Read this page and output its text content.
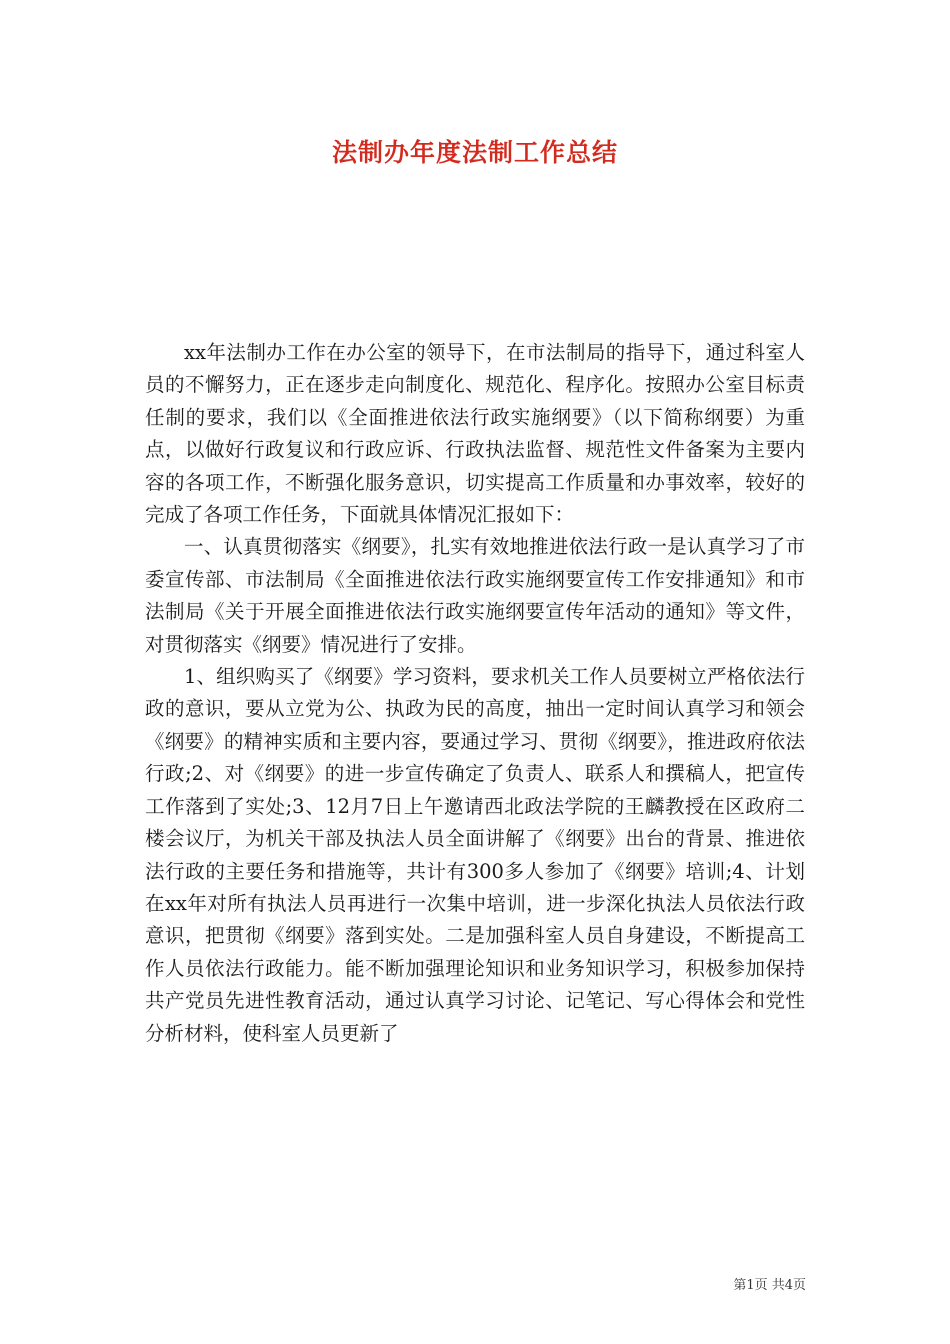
法制办年度法制工作总结

xx年法制办工作在办公室的领导下，在市法制局的指导下，通过科室人员的不懈努力，正在逐步走向制度化、规范化、程序化。按照办公室目标责任制的要求，我们以《全面推进依法行政实施纲要》（以下简称纲要）为重点，以做好行政复议和行政应诉、行政执法监督、规范性文件备案为主要内容的各项工作，不断强化服务意识，切实提高工作质量和办事效率，较好的完成了各项工作任务，下面就具体情况汇报如下：

一、认真贯彻落实《纲要》，扎实有效地推进依法行政一是认真学习了市委宣传部、市法制局《全面推进依法行政实施纲要宣传工作安排通知》和市法制局《关于开展全面推进依法行政实施纲要宣传年活动的通知》等文件，对贯彻落实《纲要》情况进行了安排。

1、组织购买了《纲要》学习资料，要求机关工作人员要树立严格依法行政的意识，要从立党为公、执政为民的高度，抽出一定时间认真学习和领会《纲要》的精神实质和主要内容，要通过学习、贯彻《纲要》，推进政府依法行政;2、对《纲要》的进一步宣传确定了负责人、联系人和撰稿人，把宣传工作落到了实处;3、12月7日上午邀请西北政法学院的王麟教授在区政府二楼会议厅，为机关干部及执法人员全面讲解了《纲要》出台的背景、推进依法行政的主要任务和措施等，共计有300多人参加了《纲要》培训;4、计划在xx年对所有执法人员再进行一次集中培训，进一步深化执法人员依法行政意识，把贯彻《纲要》落到实处。二是加强科室人员自身建设，不断提高工作人员依法行政能力。能不断加强理论知识和业务知识学习，积极参加保持共产党员先进性教育活动，通过认真学习讨论、记笔记、写心得体会和党性分析材料，使科室人员更新了

第1页 共4页
